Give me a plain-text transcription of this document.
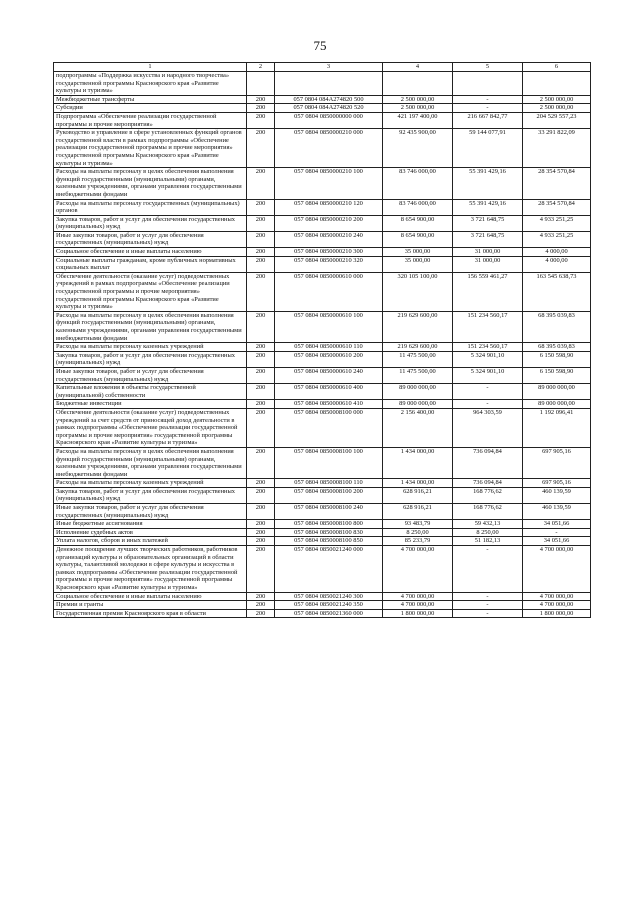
75
1	2	3	4	5	6
подпрограммы «Поддержка искусства и народного творчества» государственной программы Красноярского края «Развитие культуры и туризма»					
Межбюджетные трансферты	200	057 0804 084А274820 500	2 500 000,00	-	2 500 000,00
Субсидии	200	057 0804 084А274820 520	2 500 000,00	-	2 500 000,00
Подпрограмма «Обеспечение реализации государственной программы и прочие мероприятия»	200	057 0804 0850000000 000	421 197 400,00	216 667 842,77	204 529 557,23
Руководство и управление в сфере установленных функций органов государственной власти в рамках подпрограммы «Обеспечение реализации государственной программы и прочие мероприятия» государственной программы Красноярского края «Развитие культуры и туризма»	200	057 0804 0850000210 000	92 435 900,00	59 144 077,91	33 291 822,09
Расходы на выплаты персоналу в целях обеспечения выполнения функций государственными (муниципальными) органами, казенными учреждениями, органами управления государственными внебюджетными фондами	200	057 0804 0850000210 100	83 746 000,00	55 391 429,16	28 354 570,84
Расходы на выплаты персоналу государственных (муниципальных) органов	200	057 0804 0850000210 120	83 746 000,00	55 391 429,16	28 354 570,84
Закупка товаров, работ и услуг для обеспечения государственных (муниципальных) нужд	200	057 0804 0850000210 200	8 654 900,00	3 721 648,75	4 933 251,25
Иные закупки товаров, работ и услуг для обеспечения государственных (муниципальных) нужд	200	057 0804 0850000210 240	8 654 900,00	3 721 648,75	4 933 251,25
Социальное обеспечение и иные выплаты населению	200	057 0804 0850000210 300	35 000,00	31 000,00	4 000,00
Социальные выплаты гражданам, кроме публичных нормативных социальных выплат	200	057 0804 0850000210 320	35 000,00	31 000,00	4 000,00
Обеспечение деятельности (оказание услуг) подведомственных учреждений в рамках подпрограммы «Обеспечение реализации государственной программы и прочие мероприятия» государственной программы Красноярского края «Развитие культуры и туризма»	200	057 0804 0850000610 000	320 105 100,00	156 559 461,27	163 545 638,73
Расходы на выплаты персоналу в целях обеспечения выполнения функций государственными (муниципальными) органами, казенными учреждениями, органами управления государственными внебюджетными фондами	200	057 0804 0850000610 100	219 629 600,00	151 234 560,17	68 395 039,83
Расходы на выплаты персоналу казенных учреждений	200	057 0804 0850000610 110	219 629 600,00	151 234 560,17	68 395 039,83
Закупка товаров, работ и услуг для обеспечения государственных (муниципальных) нужд	200	057 0804 0850000610 200	11 475 500,00	5 324 901,10	6 150 598,90
Иные закупки товаров, работ и услуг для обеспечения государственных (муниципальных) нужд	200	057 0804 0850000610 240	11 475 500,00	5 324 901,10	6 150 598,90
Капитальные вложения в объекты государственной (муниципальной) собственности	200	057 0804 0850000610 400	89 000 000,00	-	89 000 000,00
Бюджетные инвестиции	200	057 0804 0850000610 410	89 000 000,00	-	89 000 000,00
Обеспечение деятельности (оказание услуг) подведомственных учреждений за счет средств от приносящей доход деятельности в рамках подпрограммы «Обеспечение реализации государственной программы и прочие мероприятия» государственной программы Красноярского края «Развитие культуры и туризма»	200	057 0804 0850008100 000	2 156 400,00	964 303,59	1 192 096,41
Расходы на выплаты персоналу в целях обеспечения выполнения функций государственными (муниципальными) органами, казенными учреждениями, органами управления государственными внебюджетными фондами	200	057 0804 0850008100 100	1 434 000,00	736 094,84	697 905,16
Расходы на выплаты персоналу казенных учреждений	200	057 0804 0850008100 110	1 434 000,00	736 094,84	697 905,16
Закупка товаров, работ и услуг для обеспечения государственных (муниципальных) нужд	200	057 0804 0850008100 200	628 916,21	168 776,62	460 139,59
Иные закупки товаров, работ и услуг для обеспечения государственных (муниципальных) нужд	200	057 0804 0850008100 240	628 916,21	168 776,62	460 139,59
Иные бюджетные ассигнования	200	057 0804 0850008100 800	93 483,79	59 432,13	34 051,66
Исполнение судебных актов	200	057 0804 0850008100 830	8 250,00	8 250,00	-
Уплата налогов, сборов и иных платежей	200	057 0804 0850008100 850	85 233,79	51 182,13	34 051,66
Денежное поощрение лучших творческих работников, работников организаций культуры и образовательных организаций в области культуры, талантливой молодежи в сфере культуры и искусства в рамках подпрограммы «Обеспечение реализации государственной программы и прочие мероприятия» государственной программы Красноярского края «Развитие культуры и туризма»	200	057 0804 0850021240 000	4 700 000,00	-	4 700 000,00
Социальное обеспечение и иные выплаты населению	200	057 0804 0850021240 300	4 700 000,00	-	4 700 000,00
Премии и гранты	200	057 0804 0850021240 350	4 700 000,00	-	4 700 000,00
Государственная премия Красноярского края в области	200	057 0804 0850021360 000	1 800 000,00	-	1 800 000,00
